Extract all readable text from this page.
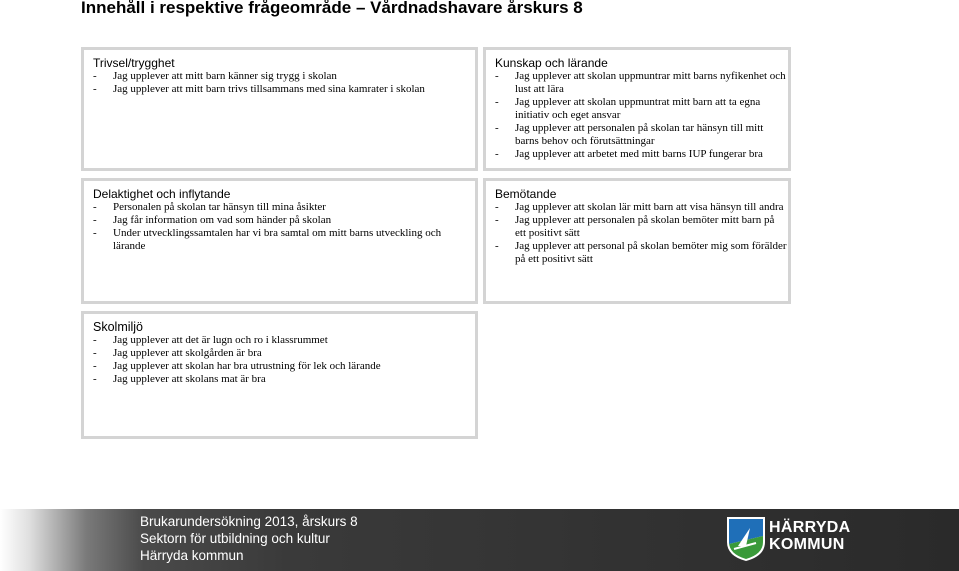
Innehåll i respektive frågeområde – Vårdnadshavare årskurs 8
Trivsel/trygghet
- Jag upplever att mitt barn känner sig trygg i skolan
- Jag upplever att mitt barn trivs tillsammans med sina kamrater i skolan
Kunskap och lärande
- Jag upplever att skolan uppmuntrar mitt barns nyfikenhet och lust att lära
- Jag upplever att skolan uppmuntrat mitt barn att ta egna initiativ och eget ansvar
- Jag upplever att personalen på skolan tar hänsyn till mitt barns behov och förutsättningar
- Jag upplever att arbetet med mitt barns IUP fungerar bra
Delaktighet och inflytande
- Personalen på skolan tar hänsyn till mina åsikter
- Jag får information om vad som händer på skolan
- Under utvecklingssamtalen har vi bra samtal om mitt barns utveckling och lärande
Bemötande
- Jag upplever att skolan lär mitt barn att visa hänsyn till andra
- Jag upplever att personalen på skolan bemöter mitt barn på ett positivt sätt
- Jag upplever att personal på skolan bemöter mig som förälder på ett positivt sätt
Skolmiljö
- Jag upplever att det är lugn och ro i klassrummet
- Jag upplever att skolgården är bra
- Jag upplever att skolan har bra utrustning för lek och lärande
- Jag upplever att skolans mat är bra
Brukarundersökning 2013, årskurs 8
Sektorn för utbildning och kultur
Härryda kommun
HÄRRYDA
KOMMUN
